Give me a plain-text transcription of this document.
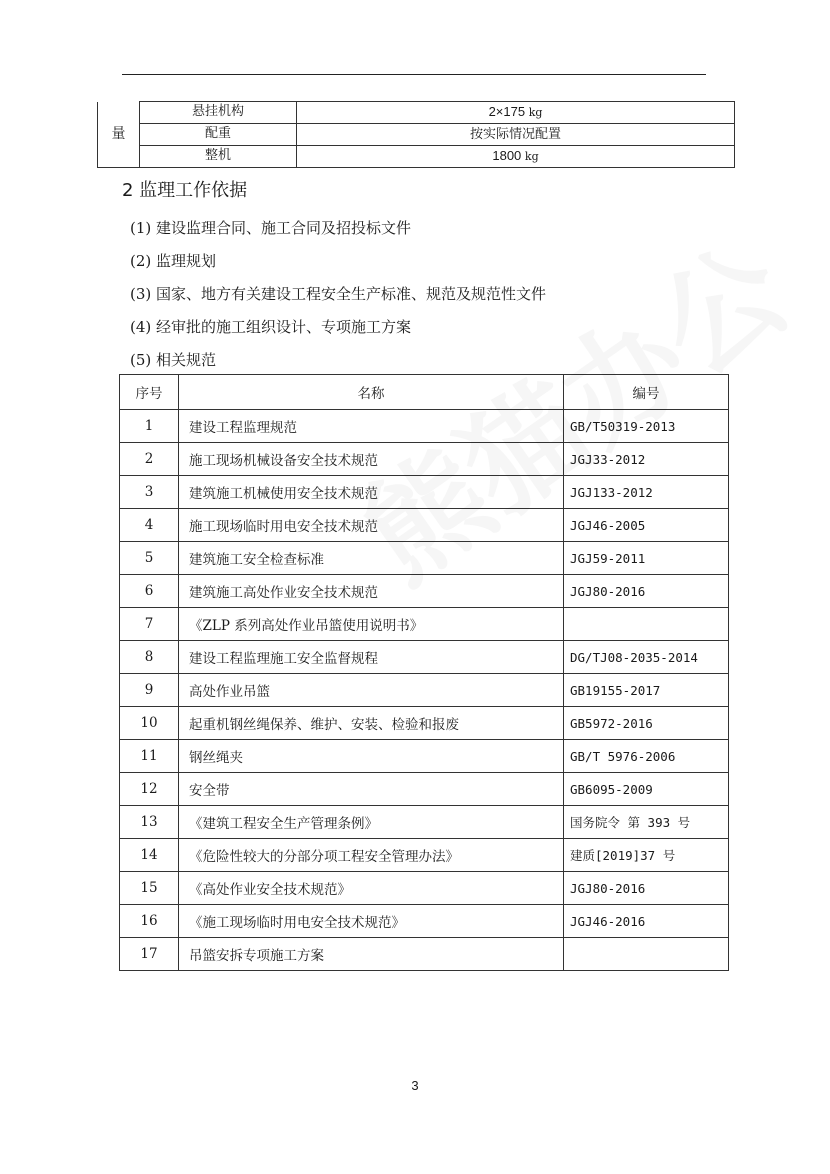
量	悬挂机构	2×175 kg
	配重	按实际情况配置
	整机	1800 kg
2 监理工作依据
(1) 建设监理合同、施工合同及招投标文件
(2) 监理规划
(3) 国家、地方有关建设工程安全生产标准、规范及规范性文件
(4) 经审批的施工组织设计、专项施工方案
(5) 相关规范
序号	名称	编号
1	建设工程监理规范	GB/T50319-2013
2	施工现场机械设备安全技术规范	JGJ33-2012
3	建筑施工机械使用安全技术规范	JGJ133-2012
4	施工现场临时用电安全技术规范	JGJ46-2005
5	建筑施工安全检查标准	JGJ59-2011
6	建筑施工高处作业安全技术规范	JGJ80-2016
7	《ZLP 系列高处作业吊篮使用说明书》	
8	建设工程监理施工安全监督规程	DG/TJ08-2035-2014
9	高处作业吊篮	GB19155-2017
10	起重机钢丝绳保养、维护、安装、检验和报废	GB5972-2016
11	钢丝绳夹	GB/T 5976-2006
12	安全带	GB6095-2009
13	《建筑工程安全生产管理条例》	国务院令 第 393 号
14	《危险性较大的分部分项工程安全管理办法》	建质[2019]37 号
15	《高处作业安全技术规范》	JGJ80-2016
16	《施工现场临时用电安全技术规范》	JGJ46-2016
17	吊篮安拆专项施工方案	
3
